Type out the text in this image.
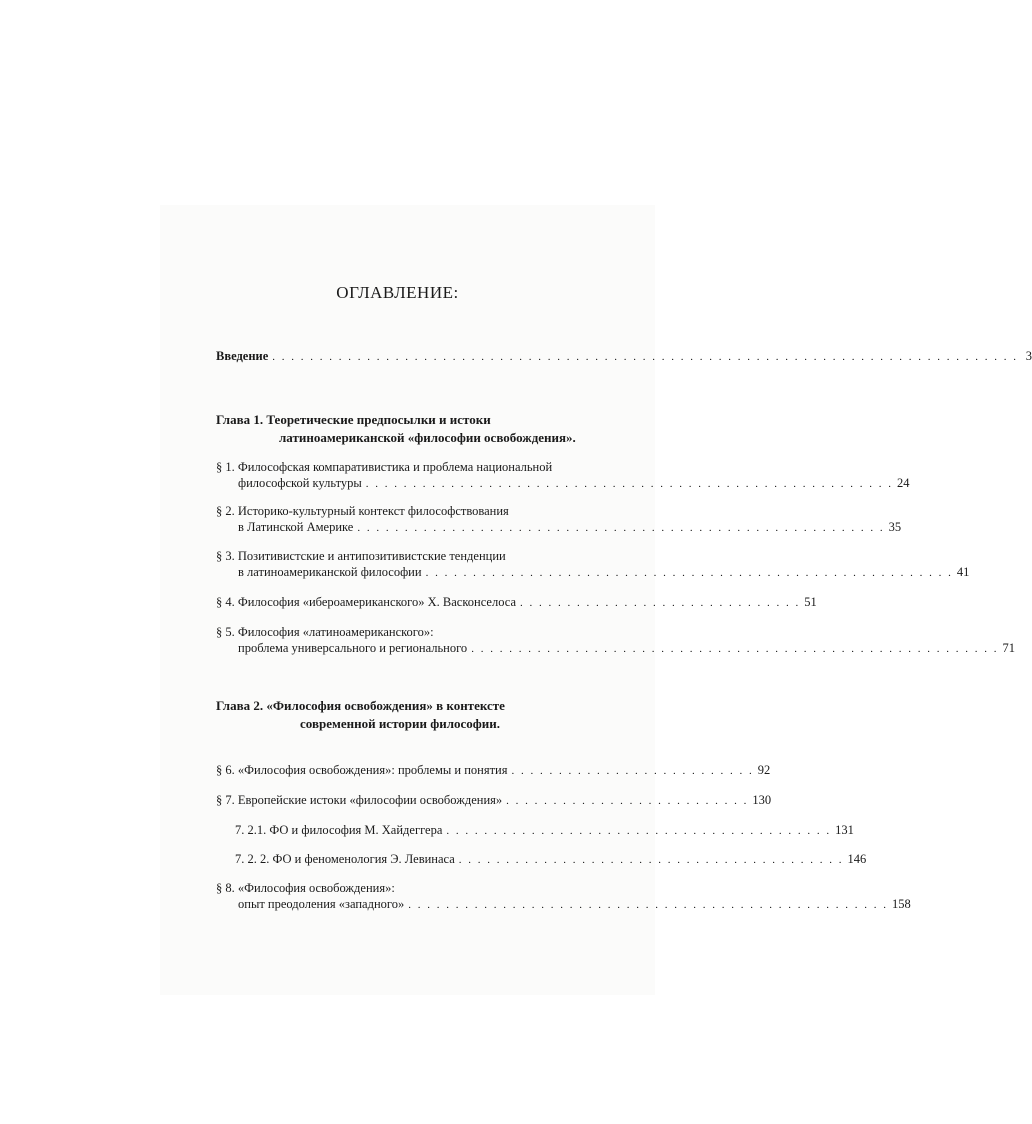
ОГЛАВЛЕНИЕ:
Введение . . . . . . . . . . . . . . . . . . . . . . . . . . . . . . . . . . . . . . . . . . . . . . . . . . . . . . . . . . . . . . . . . . . . . . . . . . . . . . . 3
Глава 1. Теоретические предпосылки и истоки
латиноамериканской «философии освобождения».
§ 1. Философская компаративистика и проблема национальной
философской культуры . . . . . . . . . . . . . . . . . . . . . . . . . . . . . . . . . . . . . . . . . . . . . . . . . . . . . . . . 24
§ 2. Историко-культурный контекст философствования
в Латинской Америке . . . . . . . . . . . . . . . . . . . . . . . . . . . . . . . . . . . . . . . . . . . . . . . . . . . . . . . . 35
§ 3. Позитивистские и антипозитивистские тенденции
в латиноамериканской философии . . . . . . . . . . . . . . . . . . . . . . . . . . . . . . . . . . . . . . . . . . . . . . . . . . . . . . . . 41
§ 4. Философия «ибероамериканского» Х. Васконселоса . . . . . . . . . . . . . . . . . . . . . . . . . . . . . . 51
§ 5. Философия «латиноамериканского»:
проблема универсального и регионального . . . . . . . . . . . . . . . . . . . . . . . . . . . . . . . . . . . . . . . . . . . . . . . . . . . . . . . . 71
Глава 2. «Философия освобождения» в контексте
современной истории философии.
§ 6. «Философия освобождения»: проблемы и понятия . . . . . . . . . . . . . . . . . . . . . . . . . . 92
§ 7. Европейские истоки «философии освобождения» . . . . . . . . . . . . . . . . . . . . . . . . . . 130
7. 2.1. ФО и философия М. Хайдеггера . . . . . . . . . . . . . . . . . . . . . . . . . . . . . . . . . . . . . . . . . 131
7. 2. 2. ФО и феноменология Э. Левинаса . . . . . . . . . . . . . . . . . . . . . . . . . . . . . . . . . . . . . . . . . 146
§ 8. «Философия освобождения»:
опыт преодоления «западного» . . . . . . . . . . . . . . . . . . . . . . . . . . . . . . . . . . . . . . . . . . . . . . . . . . . 158
